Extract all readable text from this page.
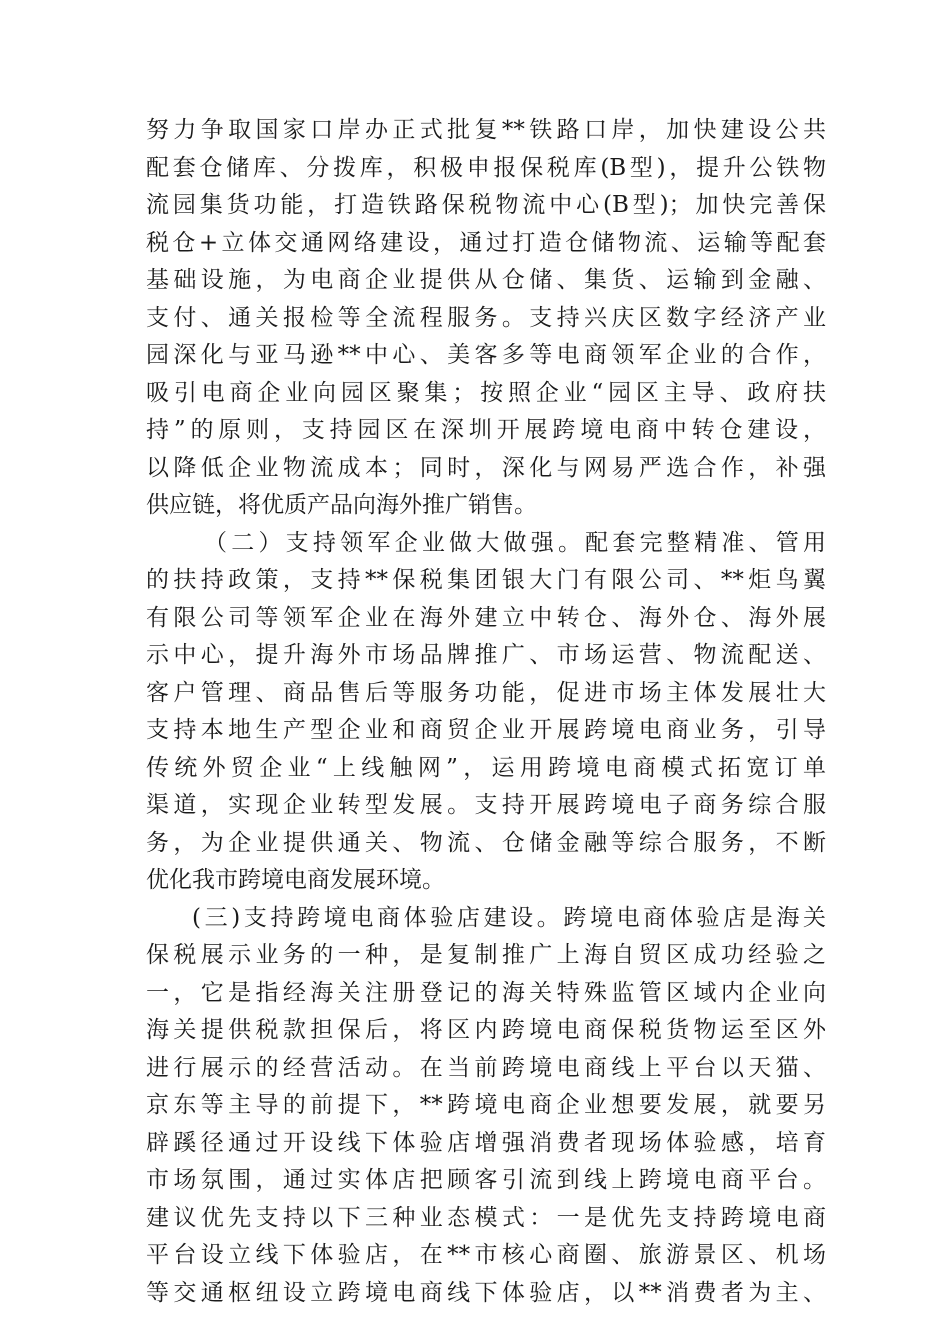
努力争取国家口岸办正式批复**铁路口岸，加快建设公共
配套仓储库、分拨库，积极申报保税库(B型)，提升公铁物
流园集货功能，打造铁路保税物流中心(B型)；加快完善保
税仓+立体交通网络建设，通过打造仓储物流、运输等配套
基础设施，为电商企业提供从仓储、集货、运输到金融、
支付、通关报检等全流程服务。支持兴庆区数字经济产业
园深化与亚马逊**中心、美客多等电商领军企业的合作，
吸引电商企业向园区聚集；按照企业“园区主导、政府扶
持”的原则，支持园区在深圳开展跨境电商中转仓建设，
以降低企业物流成本；同时，深化与网易严选合作，补强
供应链，将优质产品向海外推广销售。
（二）支持领军企业做大做强。配套完整精准、管用
的扶持政策，支持**保税集团银大门有限公司、**炬鸟翼
有限公司等领军企业在海外建立中转仓、海外仓、海外展
示中心，提升海外市场品牌推广、市场运营、物流配送、
客户管理、商品售后等服务功能，促进市场主体发展壮大
支持本地生产型企业和商贸企业开展跨境电商业务，引导
传统外贸企业“上线触网”，运用跨境电商模式拓宽订单
渠道，实现企业转型发展。支持开展跨境电子商务综合服
务，为企业提供通关、物流、仓储金融等综合服务，不断
优化我市跨境电商发展环境。
(三)支持跨境电商体验店建设。跨境电商体验店是海关
保税展示业务的一种，是复制推广上海自贸区成功经验之
一，它是指经海关注册登记的海关特殊监管区域内企业向
海关提供税款担保后，将区内跨境电商保税货物运至区外
进行展示的经营活动。在当前跨境电商线上平台以天猫、
京东等主导的前提下，**跨境电商企业想要发展，就要另
辟蹊径通过开设线下体验店增强消费者现场体验感，培育
市场氛围，通过实体店把顾客引流到线上跨境电商平台。
建议优先支持以下三种业态模式：一是优先支持跨境电商
平台设立线下体验店，在**市核心商圈、旅游景区、机场
等交通枢纽设立跨境电商线下体验店，以**消费者为主、
